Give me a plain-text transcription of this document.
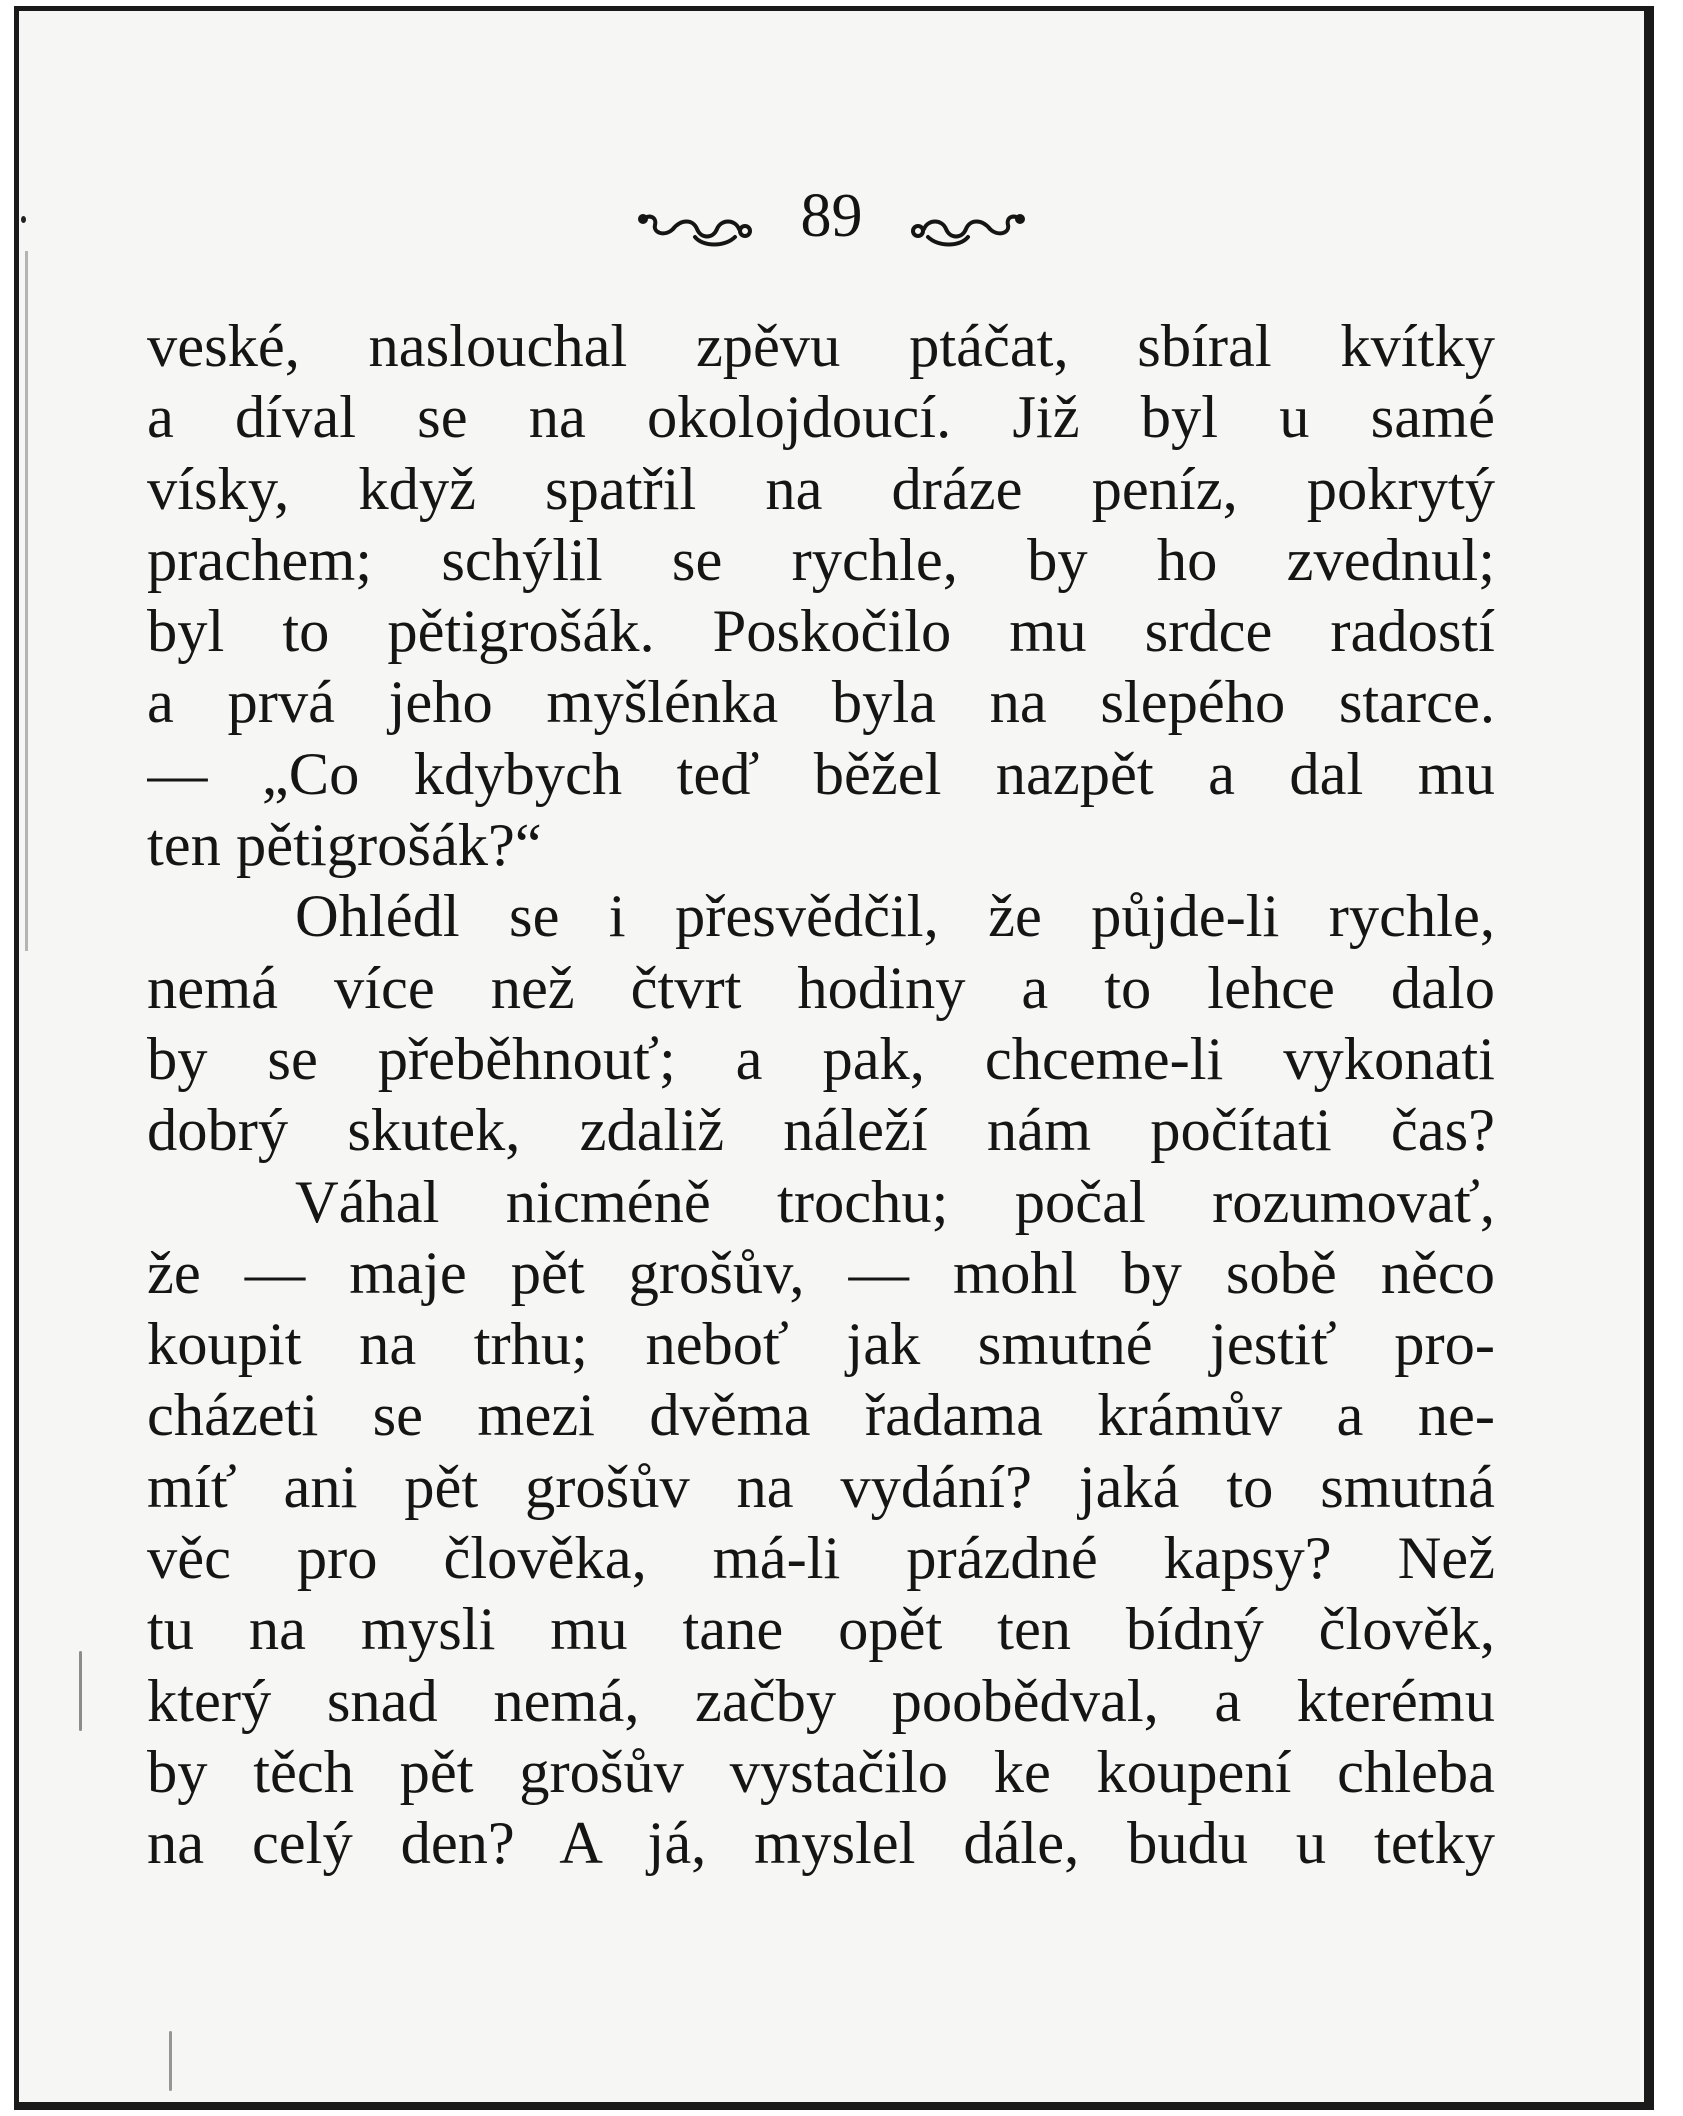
89
veské, naslouchal zpěvu ptáčat, sbíral kvítky
a díval se na okolojdoucí. Již byl u samé
vísky, když spatřil na dráze peníz, pokrytý
prachem; schýlil se rychle, by ho zvednul;
byl to pětigrošák. Poskočilo mu srdce radostí
a prvá jeho myšlénka byla na slepého starce.
— „Co kdybych teď běžel nazpět a dal mu
ten pětigrošák?“
Ohlédl se i přesvědčil, že půjde-li rychle,
nemá více než čtvrt hodiny a to lehce dalo
by se přeběhnouť; a pak, chceme-li vykonati
dobrý skutek, zdaliž náleží nám počítati čas?
Váhal nicméně trochu; počal rozumovať,
že — maje pět grošův, — mohl by sobě něco
koupit na trhu; neboť jak smutné jestiť pro-
cházeti se mezi dvěma řadama krámův a ne-
míť ani pět grošův na vydání? jaká to smutná
věc pro člověka, má-li prázdné kapsy? Než
tu na mysli mu tane opět ten bídný člověk,
který snad nemá, začby poobědval, a kterému
by těch pět grošův vystačilo ke koupení chleba
na celý den? A já, myslel dále, budu u tetky
